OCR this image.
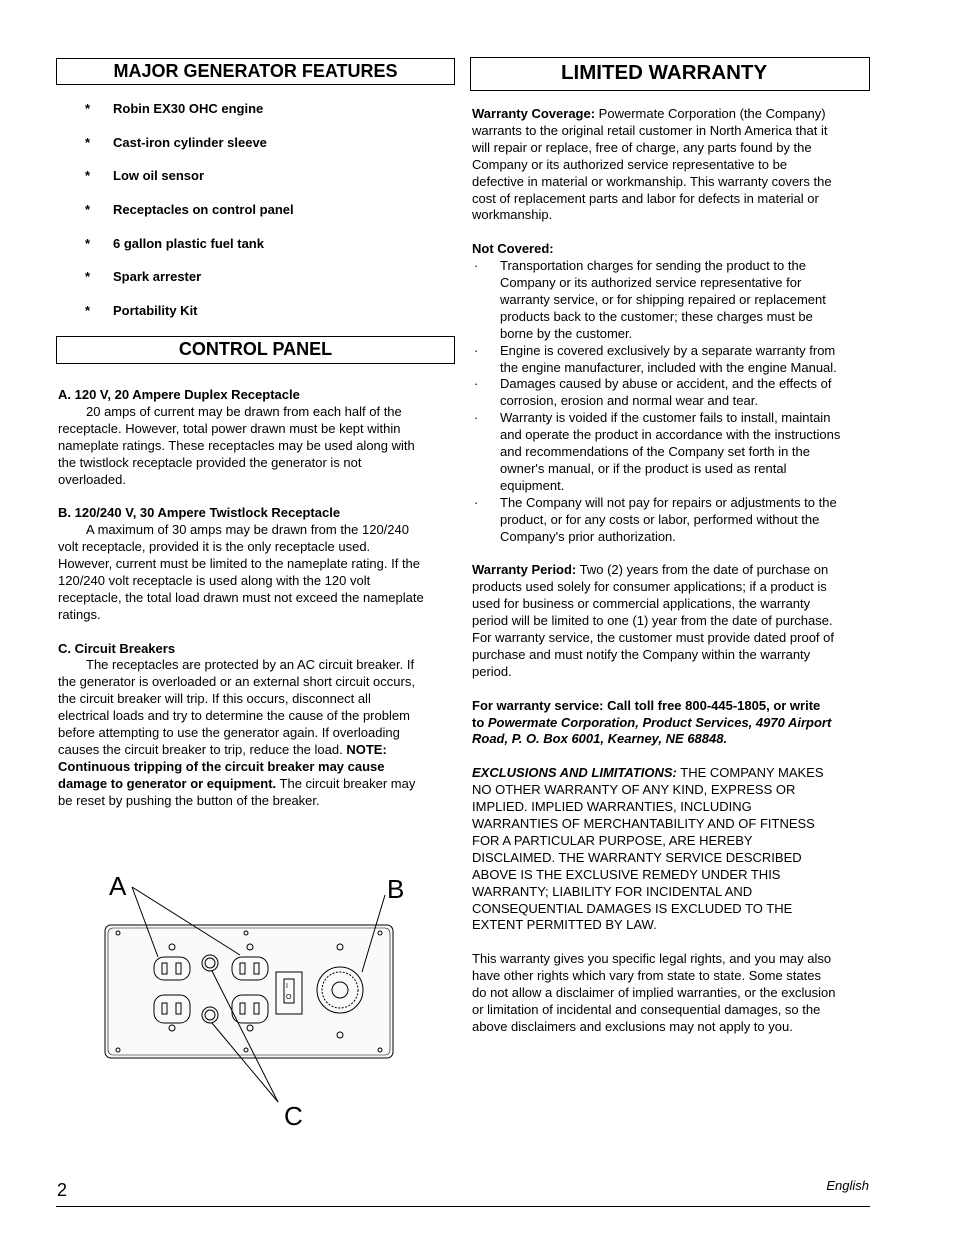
MAJOR GENERATOR FEATURES
* Robin EX30 OHC engine
* Cast-iron cylinder sleeve
* Low oil sensor
* Receptacles on control panel
* 6 gallon plastic fuel tank
* Spark arrester
* Portability Kit
CONTROL PANEL

A. 120 V, 20 Ampere Duplex Receptacle

20 amps of current may be drawn from each half of the

receptacle. However, total power drawn must be kept within

nameplate ratings. These receptacles may be used along with

the twistlock receptacle provided the generator is not

overloaded.

B. 120/240 V, 30 Ampere Twistlock Receptacle

A maximum of 30 amps may be drawn from the 120/240

volt receptacle, provided it is the only receptacle used.

However, current must be limited to the nameplate rating. If the

120/240 volt receptacle is used along with the 120 volt

receptacle, the total load drawn must not exceed the nameplate

ratings.

C. Circuit Breakers

The receptacles are protected by an AC circuit breaker. If

the generator is overloaded or an external short circuit occurs,

the circuit breaker will trip. If this occurs, disconnect all

electrical loads and try to determine the cause of the problem

before attempting to use the generator again. If overloading

causes the circuit breaker to trip, reduce the load. NOTE:

Continuous tripping of the circuit breaker may cause

damage to generator or equipment. The circuit breaker may

be reset by pushing the button of the breaker.

A	B
C
I
O
LIMITED WARRANTY

Warranty Coverage: Powermate Corporation (the Company)

warrants to the original retail customer in North America that it

will repair or replace, free of charge, any parts found by the

Company or its authorized service representative to be

defective in material or workmanship. This warranty covers the

cost of replacement parts and labor for defects in material or

workmanship.

Not Covered:

· Transportation charges for sending the product to the

Company or its authorized service representative for

warranty service, or for shipping repaired or replacement

products back to the customer; these charges must be

borne by the customer.

· Engine is covered exclusively by a separate warranty from

the engine manufacturer, included with the engine Manual.

· Damages caused by abuse or accident, and the effects of

corrosion, erosion and normal wear and tear.

· Warranty is voided if the customer fails to install, maintain

and operate the product in accordance with the instructions

and recommendations of the Company set forth in the

owner's manual, or if the product is used as rental

equipment.

· The Company will not pay for repairs or adjustments to the

product, or for any costs or labor, performed without the

Company's prior authorization.

Warranty Period: Two (2) years from the date of purchase on

products used solely for consumer applications; if a product is

used for business or commercial applications, the warranty

period will be limited to one (1) year from the date of purchase.

For warranty service, the customer must provide dated proof of

purchase and must notify the Company within the warranty

period.

For warranty service: Call toll free 800-445-1805, or write

to Powermate Corporation, Product Services, 4970 Airport

Road, P. O. Box 6001, Kearney, NE 68848.

EXCLUSIONS AND LIMITATIONS: THE COMPANY MAKES

NO OTHER WARRANTY OF ANY KIND, EXPRESS OR

IMPLIED. IMPLIED WARRANTIES, INCLUDING

WARRANTIES OF MERCHANTABILITY AND OF FITNESS

FOR A PARTICULAR PURPOSE, ARE HEREBY

DISCLAIMED. THE WARRANTY SERVICE DESCRIBED

ABOVE IS THE EXCLUSIVE REMEDY UNDER THIS

WARRANTY; LIABILITY FOR INCIDENTAL AND

CONSEQUENTIAL DAMAGES IS EXCLUDED TO THE

EXTENT PERMITTED BY LAW.

This warranty gives you specific legal rights, and you may also

have other rights which vary from state to state. Some states

do not allow a disclaimer of implied warranties, or the exclusion

or limitation of incidental and consequential damages, so the

above disclaimers and exclusions may not apply to you.

2	English
